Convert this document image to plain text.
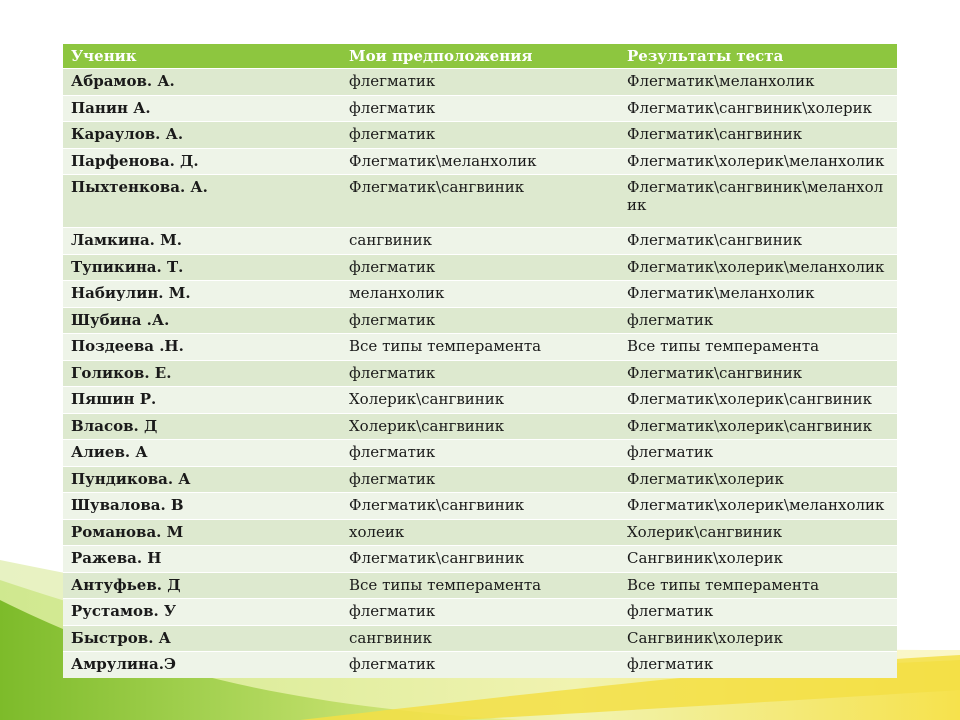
Ученик	Мои предположения	Результаты теста
Абрамов. А.	флегматик	Флегматик\меланхолик
Панин А.	флегматик	Флегматик\сангвиник\холерик
Караулов. А.	флегматик	Флегматик\сангвиник
Парфенова. Д.	Флегматик\меланхолик	Флегматик\холерик\меланхолик
Пыхтенкова. А.	Флегматик\сангвиник	Флегматик\сангвиник\меланхолик
Ламкина. М.	сангвиник	Флегматик\сангвиник
Тупикина. Т.	флегматик	Флегматик\холерик\меланхолик
Набиулин. М.	меланхолик	Флегматик\меланхолик
Шубина .А.	флегматик	флегматик
Поздеева .Н.	Все типы темперамента	Все типы темперамента
Голиков. Е.	флегматик	Флегматик\сангвиник
Пяшин Р.	Холерик\сангвиник	Флегматик\холерик\сангвиник
Власов. Д	Холерик\сангвиник	Флегматик\холерик\сангвиник
Алиев. А	флегматик	флегматик
Пундикова. А	флегматик	Флегматик\холерик
Шувалова. В	Флегматик\сангвиник	Флегматик\холерик\меланхолик
Романова. М	холеик	Холерик\сангвиник
Ражева. Н	Флегматик\сангвиник	Сангвиник\холерик
Антуфьев. Д	Все типы темперамента	Все типы темперамента
Рустамов. У	флегматик	флегматик
Быстров. А	сангвиник	Сангвиник\холерик
Амрулина.Э	флегматик	флегматик
